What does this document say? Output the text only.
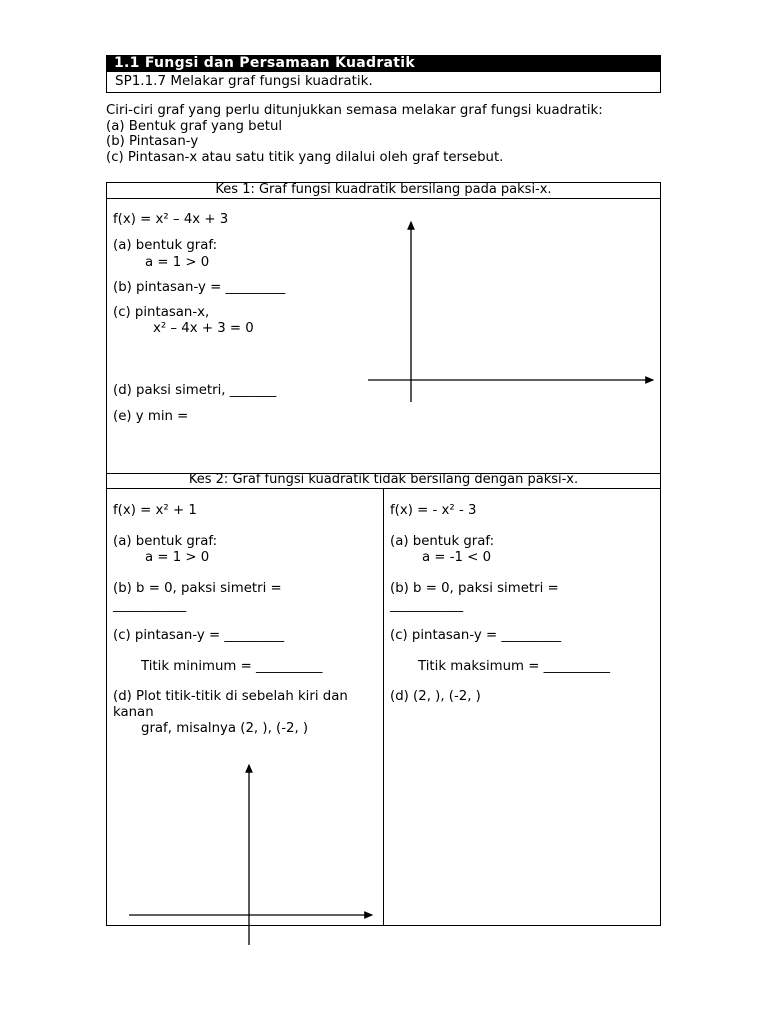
1.1 Fungsi dan Persamaan Kuadratik
SP1.1.7 Melakar graf fungsi kuadratik.
Ciri-ciri graf yang perlu ditunjukkan semasa melakar graf fungsi kuadratik:
(a) Bentuk graf yang betul
(b) Pintasan-y
(c) Pintasan-x atau satu titik yang dilalui oleh graf tersebut.
Kes 1: Graf fungsi kuadratik bersilang pada paksi-x.
f(x) = x² – 4x + 3
(a) bentuk graf:
a = 1 > 0
(b) pintasan-y = _________
(c) pintasan-x,
x² – 4x + 3 = 0
(d) paksi simetri, _______
(e) y min =
Kes 2: Graf fungsi kuadratik tidak bersilang dengan paksi-x.
f(x) = x² + 1
(a) bentuk graf:
a = 1 > 0
(b) b = 0, paksi simetri =
___________
(c) pintasan-y = _________
Titik minimum = __________
(d) Plot titik-titik di sebelah kiri dan
kanan
graf, misalnya (2, ), (-2, )
f(x) = - x² - 3
(a) bentuk graf:
a = -1 < 0
(b) b = 0, paksi simetri =
___________
(c) pintasan-y = _________
Titik maksimum = __________
(d) (2, ), (-2, )
